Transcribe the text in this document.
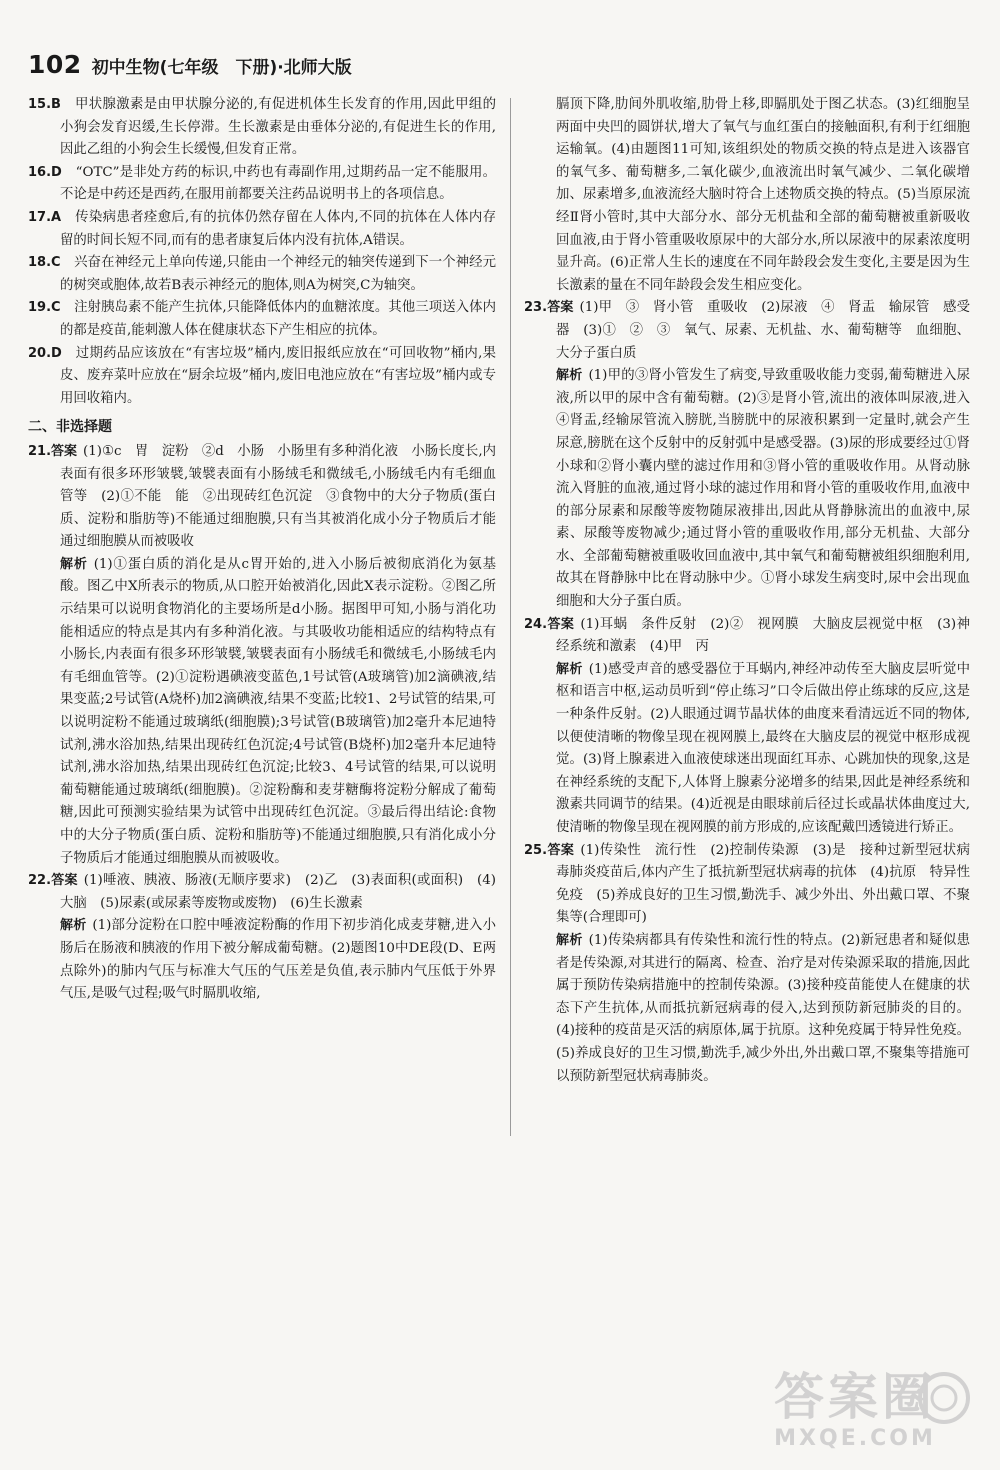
102 初中生物(七年级　下册)·北师大版
15.B　 甲状腺激素是由甲状腺分泌的,有促进机体生长发育的作用,因此甲组的小狗会发育迟缓,生长停滞。生长激素是由垂体分泌的,有促进生长的作用,因此乙组的小狗会生长缓慢,但发育正常。
16.D　 “OTC”是非处方药的标识,中药也有毒副作用,过期药品一定不能服用。不论是中药还是西药,在服用前都要关注药品说明书上的各项信息。
17.A　 传染病患者痊愈后,有的抗体仍然存留在人体内,不同的抗体在人体内存留的时间长短不同,而有的患者康复后体内没有抗体,A错误。
18.C　 兴奋在神经元上单向传递,只能由一个神经元的轴突传递到下一个神经元的树突或胞体,故若B表示神经元的胞体,则A为树突,C为轴突。
19.C　 注射胰岛素不能产生抗体,只能降低体内的血糖浓度。其他三项送入体内的都是疫苗,能刺激人体在健康状态下产生相应的抗体。
20.D　 过期药品应该放在“有害垃圾”桶内,废旧报纸应放在“可回收物”桶内,果皮、废弃菜叶应放在“厨余垃圾”桶内,废旧电池应放在“有害垃圾”桶内或专用回收箱内。
二、非选择题

21.答案 (1)①c　胃　淀粉　②d　小肠　小肠里有多种消化液　小肠长度长,内表面有很多环形皱襞,皱襞表面有小肠绒毛和微绒毛,小肠绒毛内有毛细血管等　(2)①不能　能　②出现砖红色沉淀　③食物中的大分子物质(蛋白质、淀粉和脂肪等)不能通过细胞膜,只有当其被消化成小分子物质后才能通过细胞膜从而被吸收

解析 (1)①蛋白质的消化是从c胃开始的,进入小肠后被彻底消化为氨基酸。图乙中X所表示的物质,从口腔开始被消化,因此X表示淀粉。②图乙所示结果可以说明食物消化的主要场所是d小肠。据图甲可知,小肠与消化功能相适应的特点是其内有多种消化液。与其吸收功能相适应的结构特点有小肠长,内表面有很多环形皱襞,皱襞表面有小肠绒毛和微绒毛,小肠绒毛内有毛细血管等。(2)①淀粉遇碘液变蓝色,1号试管(A玻璃管)加2滴碘液,结果变蓝;2号试管(A烧杯)加2滴碘液,结果不变蓝;比较1、2号试管的结果,可以说明淀粉不能通过玻璃纸(细胞膜);3号试管(B玻璃管)加2毫升本尼迪特试剂,沸水浴加热,结果出现砖红色沉淀;4号试管(B烧杯)加2毫升本尼迪特试剂,沸水浴加热,结果出现砖红色沉淀;比较3、4号试管的结果,可以说明葡萄糖能通过玻璃纸(细胞膜)。②淀粉酶和麦芽糖酶将淀粉分解成了葡萄糖,因此可预测实验结果为试管中出现砖红色沉淀。③最后得出结论:食物中的大分子物质(蛋白质、淀粉和脂肪等)不能通过细胞膜,只有消化成小分子物质后才能通过细胞膜从而被吸收。

22.答案 (1)唾液、胰液、肠液(无顺序要求)　(2)乙　(3)表面积(或面积)　(4)大脑　(5)尿素(或尿素等废物或废物)　(6)生长激素

解析 (1)部分淀粉在口腔中唾液淀粉酶的作用下初步消化成麦芽糖,进入小肠后在肠液和胰液的作用下被分解成葡萄糖。(2)题图10中DE段(D、E两点除外)的肺内气压与标准大气压的气压差是负值,表示肺内气压低于外界气压,是吸气过程;吸气时膈肌收缩,

膈顶下降,肋间外肌收缩,肋骨上移,即膈肌处于图乙状态。(3)红细胞呈两面中央凹的圆饼状,增大了氧气与血红蛋白的接触面积,有利于红细胞运输氧。(4)由题图11可知,该组织处的物质交换的特点是进入该器官的氧气多、葡萄糖多,二氧化碳少,血液流出时氧气减少、二氧化碳增加、尿素增多,血液流经大脑时符合上述物质交换的特点。(5)当原尿流经Ⅱ肾小管时,其中大部分水、部分无机盐和全部的葡萄糖被重新吸收回血液,由于肾小管重吸收原尿中的大部分水,所以尿液中的尿素浓度明显升高。(6)正常人生长的速度在不同年龄段会发生变化,主要是因为生长激素的量在不同年龄段会发生相应变化。

23.答案 (1)甲　③　肾小管　重吸收　(2)尿液　④　肾盂　输尿管　感受器　(3)①　②　③　氧气、尿素、无机盐、水、葡萄糖等　血细胞、大分子蛋白质

解析 (1)甲的③肾小管发生了病变,导致重吸收能力变弱,葡萄糖进入尿液,所以甲的尿中含有葡萄糖。(2)③是肾小管,流出的液体叫尿液,进入④肾盂,经输尿管流入膀胱,当膀胱中的尿液积累到一定量时,就会产生尿意,膀胱在这个反射中的反射弧中是感受器。(3)尿的形成要经过①肾小球和②肾小囊内壁的滤过作用和③肾小管的重吸收作用。从肾动脉流入肾脏的血液,通过肾小球的滤过作用和肾小管的重吸收作用,血液中的部分尿素和尿酸等废物随尿液排出,因此从肾静脉流出的血液中,尿素、尿酸等废物减少;通过肾小管的重吸收作用,部分无机盐、大部分水、全部葡萄糖被重吸收回血液中,其中氧气和葡萄糖被组织细胞利用,故其在肾静脉中比在肾动脉中少。①肾小球发生病变时,尿中会出现血细胞和大分子蛋白质。

24.答案 (1)耳蜗　条件反射　(2)②　视网膜　大脑皮层视觉中枢　(3)神经系统和激素　(4)甲　丙

解析 (1)感受声音的感受器位于耳蜗内,神经冲动传至大脑皮层听觉中枢和语言中枢,运动员听到“停止练习”口令后做出停止练球的反应,这是一种条件反射。(2)人眼通过调节晶状体的曲度来看清远近不同的物体,以便使清晰的物像呈现在视网膜上,最终在大脑皮层的视觉中枢形成视觉。(3)肾上腺素进入血液使球迷出现面红耳赤、心跳加快的现象,这是在神经系统的支配下,人体肾上腺素分泌增多的结果,因此是神经系统和激素共同调节的结果。(4)近视是由眼球前后径过长或晶状体曲度过大,使清晰的物像呈现在视网膜的前方形成的,应该配戴凹透镜进行矫正。

25.答案 (1)传染性　流行性　(2)控制传染源　(3)是　接种过新型冠状病毒肺炎疫苗后,体内产生了抵抗新型冠状病毒的抗体　(4)抗原　特异性免疫　(5)养成良好的卫生习惯,勤洗手、减少外出、外出戴口罩、不聚集等(合理即可)

解析 (1)传染病都具有传染性和流行性的特点。(2)新冠患者和疑似患者是传染源,对其进行的隔离、检查、治疗是对传染源采取的措施,因此属于预防传染病措施中的控制传染源。(3)接种疫苗能使人在健康的状态下产生抗体,从而抵抗新冠病毒的侵入,达到预防新冠肺炎的目的。(4)接种的疫苗是灭活的病原体,属于抗原。这种免疫属于特异性免疫。(5)养成良好的卫生习惯,勤洗手,减少外出,外出戴口罩,不聚集等措施可以预防新型冠状病毒肺炎。

答案圈
MXQE.COM
